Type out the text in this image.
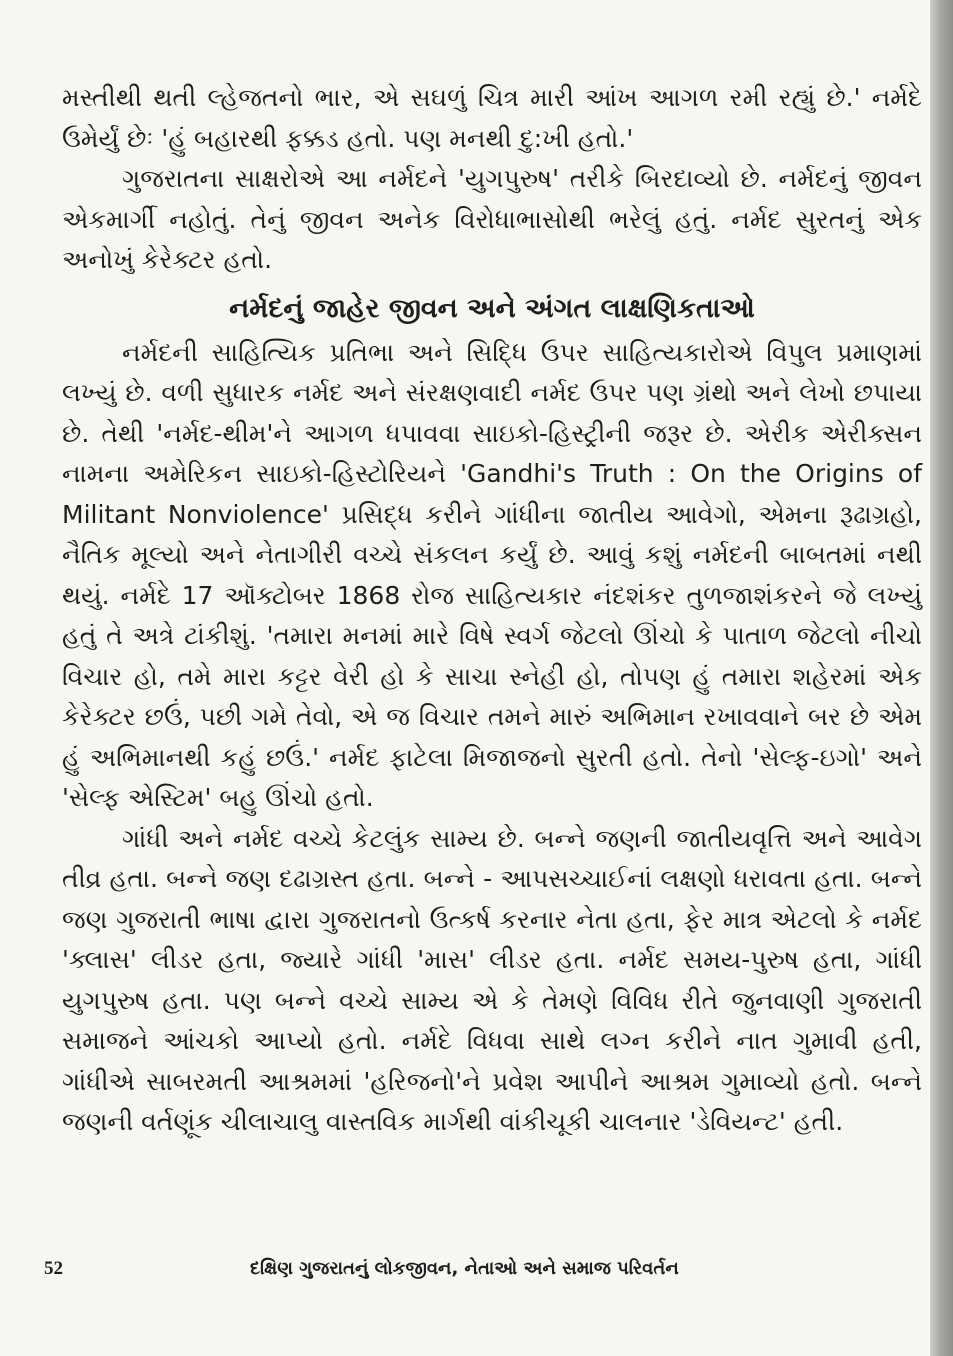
મસ્તીથી થતી લ્હેજતનો ભાર, એ સઘળું ચિત્ર મારી આંખ આગળ રમી રહ્યું છે.' નર્મદે ઉમેર્યું છેઃ 'હું બહારથી ફક્કડ હતો. પણ મનથી દુ:ખી હતો.'

ગુજરાતના સાક્ષરોએ આ નર્મદને 'યુગપુરુષ' તરીકે બિરદાવ્યો છે. નર્મદનું જીવન એકમાર્ગી નહોતું. તેનું જીવન અનેક વિરોધાભાસોથી ભરેલું હતું. નર્મદ સુરતનું એક અનોખું કેરેક્ટર હતો.

નર્મદનું જાહેર જીવન અને અંગત લાક્ષણિકતાઓ

નર્મદની સાહિત્યિક પ્રતિભા અને સિદ્ધિ ઉપર સાહિત્યકારોએ વિપુલ પ્રમાણમાં લખ્યું છે. વળી સુધારક નર્મદ અને સંરક્ષણવાદી નર્મદ ઉપર પણ ગ્રંથો અને લેખો છપાયા છે. તેથી 'નર્મદ-થીમ'ને આગળ ધપાવવા સાઇકો-હિસ્ટ્રીની જરૂર છે. એરીક એરીક્સન નામના અમેરિકન સાઇકો-હિસ્ટોરિયને 'Gandhi's Truth : On the Origins of Militant Nonviolence' પ્રસિદ્ધ કરીને ગાંધીના જાતીય આવેગો, એમના રૂઢાગ્રહો, નૈતિક મૂલ્યો અને નેતાગીરી વચ્ચે સંકલન કર્યું છે. આવું કશું નર્મદની બાબતમાં નથી થયું. નર્મદે 17 ઑક્ટોબર 1868 રોજ સાહિત્યકાર નંદશંકર તુળજાશંકરને જે લખ્યું હતું તે અત્રે ટાંકીશું. 'તમારા મનમાં મારે વિષે સ્વર્ગ જેટલો ઊંચો કે પાતાળ જેટલો નીચો વિચાર હો, તમે મારા કટ્ટર વેરી હો કે સાચા સ્નેહી હો, તોપણ હું તમારા શહેરમાં એક કેરેક્ટર છઉં, પછી ગમે તેવો, એ જ વિચાર તમને મારું અભિમાન રખાવવાને બર છે એમ હું અભિમાનથી કહું છઉં.' નર્મદ ફાટેલા મિજાજનો સુરતી હતો. તેનો 'સેલ્ફ-ઇગો' અને 'સેલ્ફ એસ્ટિમ' બહુ ઊંચો હતો.

ગાંધી અને નર્મદ વચ્ચે કેટલુંક સામ્ય છે. બન્ને જણની જાતીયવૃત્તિ અને આવેગ તીવ્ર હતા. બન્ને જણ દઢાગ્રસ્ત હતા. બન્ને - આપસચ્ચાઈનાં લક્ષણો ધરાવતા હતા. બન્ને જણ ગુજરાતી ભાષા દ્વારા ગુજરાતનો ઉત્કર્ષ કરનાર નેતા હતા, ફેર માત્ર એટલો કે નર્મદ 'ક્લાસ' લીડર હતા, જ્યારે ગાંધી 'માસ' લીડર હતા. નર્મદ સમય-પુરુષ હતા, ગાંધી યુગપુરુષ હતા. પણ બન્ને વચ્ચે સામ્ય એ કે તેમણે વિવિધ રીતે જુનવાણી ગુજરાતી સમાજને આંચકો આપ્યો હતો. નર્મદે વિધવા સાથે લગ્ન કરીને નાત ગુમાવી હતી, ગાંધીએ સાબરમતી આશ્રમમાં 'હરિજનો'ને પ્રવેશ આપીને આશ્રમ ગુમાવ્યો હતો. બન્ને જણની વર્તણૂંક ચીલાચાલુ વાસ્તવિક માર્ગથી વાંકીચૂકી ચાલનાર 'ડેવિયન્ટ' હતી.

52	દક્ષિણ ગુજરાતનું લોકજીવન, નેતાઓ અને સમાજ પરિવર્તન
